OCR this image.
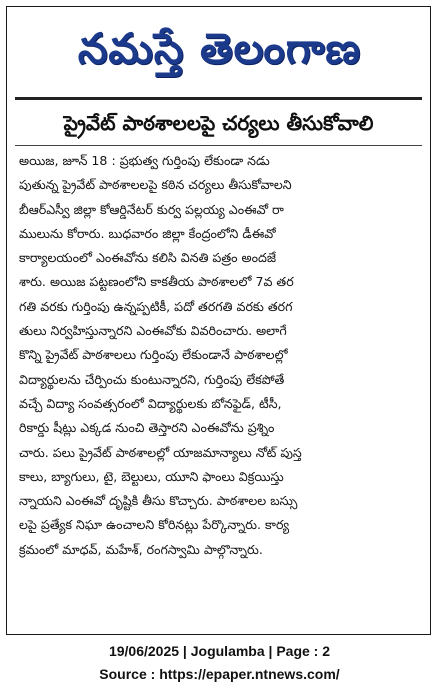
నమస్తే తెలంగాణ
ప్రైవేట్ పాఠశాలలపై చర్యలు తీసుకోవాలి
అయిజ, జూన్ 18 : ప్రభుత్వ గుర్తింపు లేకుండా నడు
పుతున్న ప్రైవేట్ పాఠశాలలపై కఠిన చర్యలు తీసుకోవాలని
బీఆర్ఎస్వీ జిల్లా కోఆర్డినేటర్ కుర్వ పల్లయ్య ఎంఈవో రా
ములును కోరారు. బుధవారం జిల్లా కేంద్రంలోని డీఈవో
కార్యాలయంలో ఎంఈవోను కలిసి వినతి పత్రం అందజే
శారు. అయిజ పట్టణంలోని కాకతీయ పాఠశాలలో 7వ తర
గతి వరకు గుర్తింపు ఉన్నప్పటికీ, పదో తరగతి వరకు తరగ
తులు నిర్వహిస్తున్నారని ఎంఈవోకు వివరించారు. అలాగే
కొన్ని ప్రైవేట్ పాఠశాలలు గుర్తింపు లేకుండానే పాఠశాలల్లో
విద్యార్థులను చేర్పించు కుంటున్నారని, గుర్తింపు లేకపోతే
వచ్చే విద్యా సంవత్సరంలో విద్యార్థులకు బోనఫైడ్, టీసీ,
రికార్డు షీట్లు ఎక్కడ నుంచి తెస్తారని ఎంఈవోను ప్రశ్నిం
చారు. పలు ప్రైవేట్ పాఠశాలల్లో యాజమాన్యాలు నోట్ పుస్త
కాలు, బ్యాగులు, టై, బెల్టులు, యూని ఫాంలు విక్రయిస్తు
న్నాయని ఎంఈవో దృష్టికి తీసు కొచ్చారు. పాఠశాలల బస్సు
లపై ప్రత్యేక నిఘా ఉంచాలని కోరినట్లు పేర్కొన్నారు. కార్య
క్రమంలో మాధవ్, మహేశ్, రంగస్వామి పాల్గొన్నారు.
19/06/2025 | Jogulamba | Page : 2
Source : https://epaper.ntnews.com/
